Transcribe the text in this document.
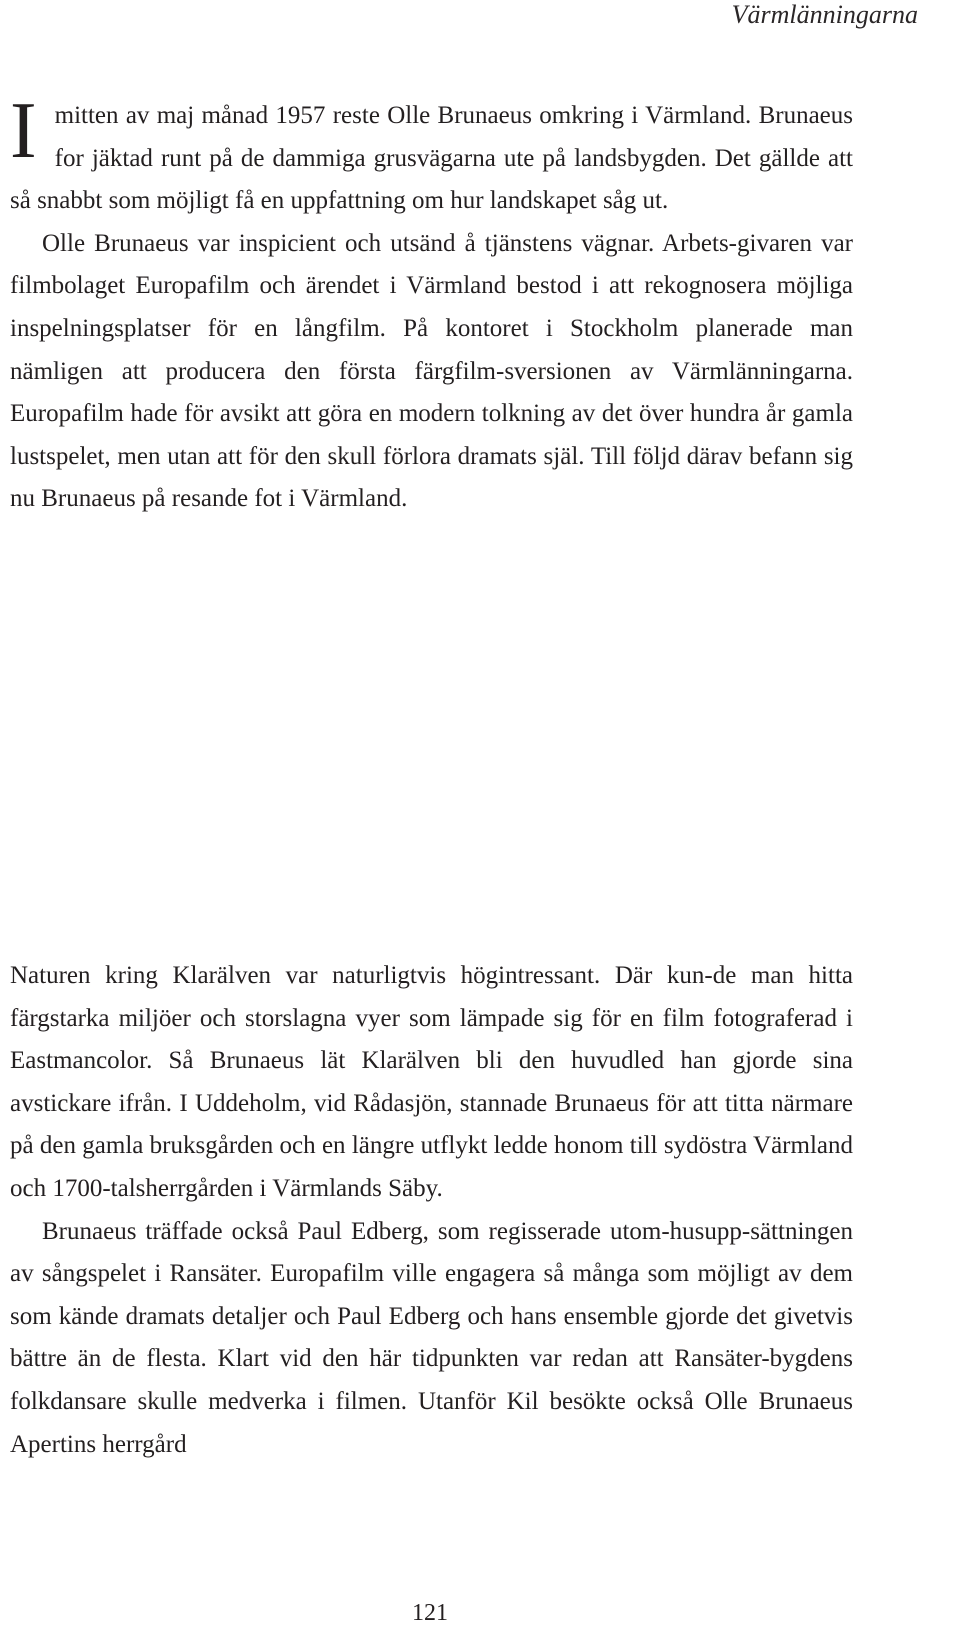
Värmlänningarna

Imitten av maj månad 1957 reste Olle Brunaeus omkring i Värmland. Brunaeus for jäktad runt på de dammiga grusvägarna ute på landsbygden. Det gällde att så snabbt som möjligt få en uppfattning om hur landskapet såg ut.

Olle Brunaeus var inspicient och utsänd å tjänstens vägnar. Arbets-givaren var filmbolaget Europafilm och ärendet i Värmland bestod i att rekognosera möjliga inspelningsplatser för en långfilm. På kontoret i Stockholm planerade man nämligen att producera den första färgfilm-sversionen av Värmlänningarna. Europafilm hade för avsikt att göra en modern tolkning av det över hundra år gamla lustspelet, men utan att för den skull förlora dramats själ. Till följd därav befann sig nu Brunaeus på resande fot i Värmland.

Naturen kring Klarälven var naturligtvis högintressant. Där kun-de man hitta färgstarka miljöer och storslagna vyer som lämpade sig för en film fotograferad i Eastmancolor. Så Brunaeus lät Klarälven bli den huvudled han gjorde sina avstickare ifrån. I Uddeholm, vid Rådasjön, stannade Brunaeus för att titta närmare på den gamla bruksgården och en längre utflykt ledde honom till sydöstra Värmland och 1700-talsherrgården i Värmlands Säby.

Brunaeus träffade också Paul Edberg, som regisserade utom-husupp-sättningen av sångspelet i Ransäter. Europafilm ville engagera så många som möjligt av dem som kände dramats detaljer och Paul Edberg och hans ensemble gjorde det givetvis bättre än de flesta. Klart vid den här tidpunkten var redan att Ransäter-bygdens folkdansare skulle medverka i filmen. Utanför Kil besökte också Olle Brunaeus Apertins herrgård

121
